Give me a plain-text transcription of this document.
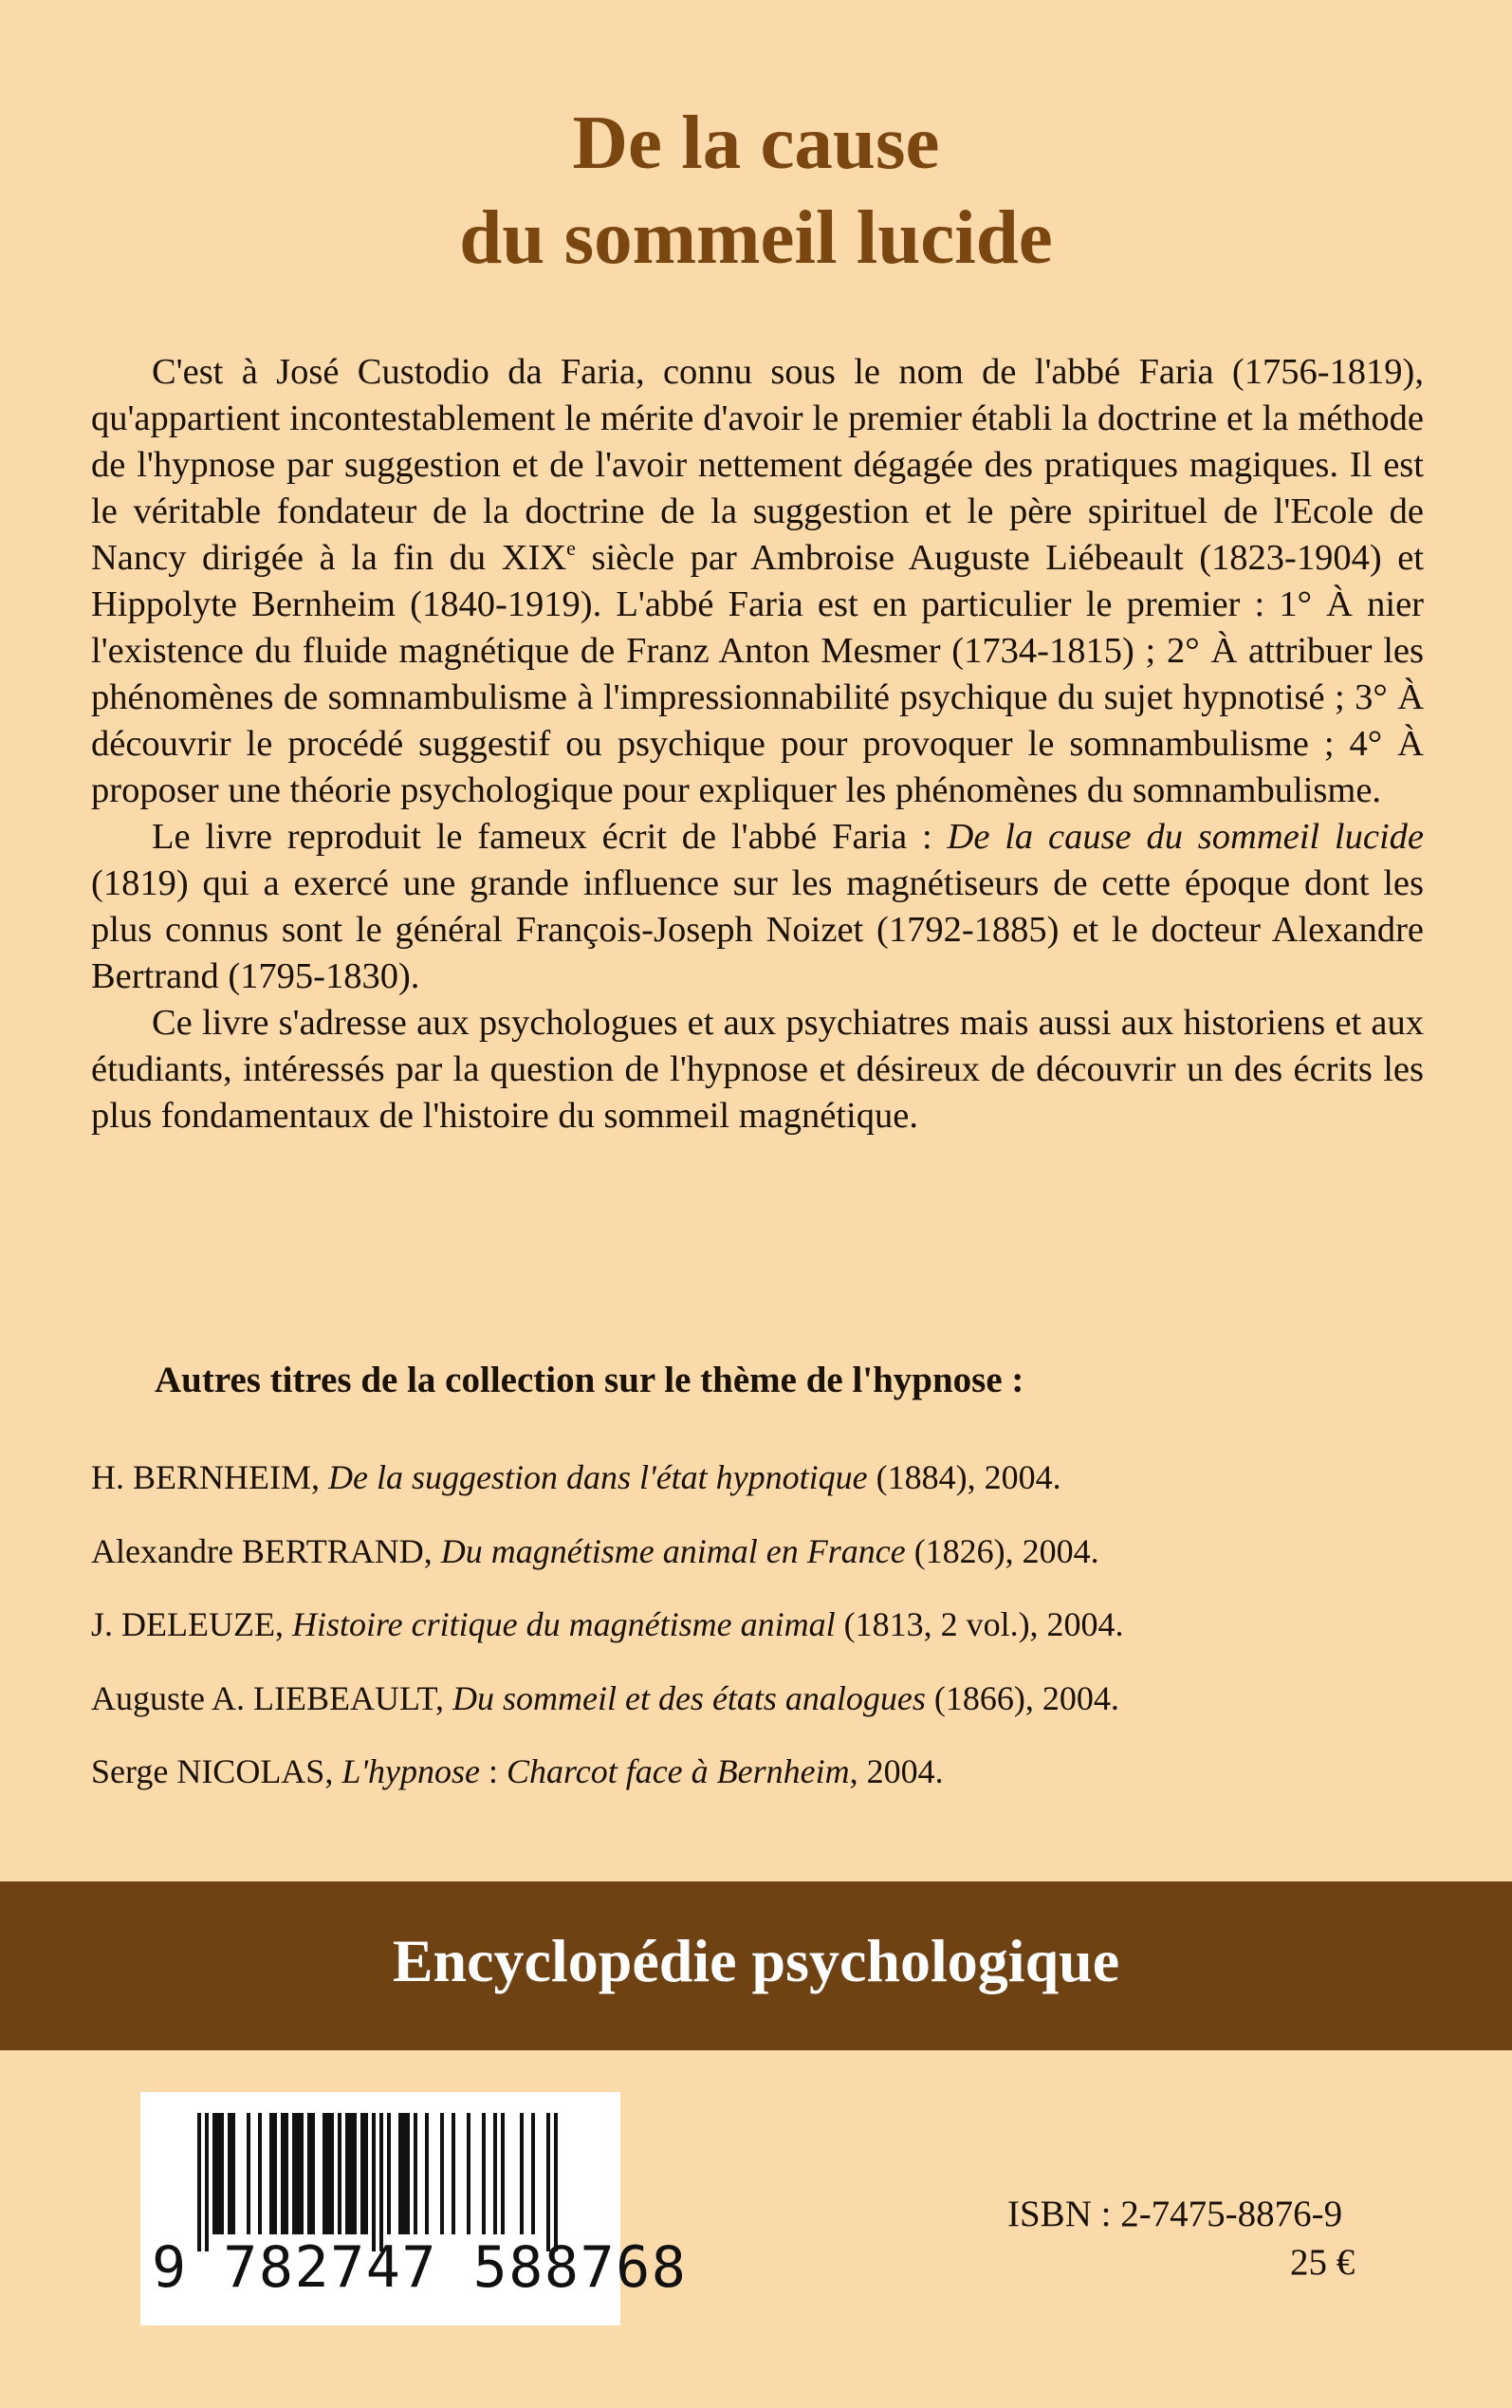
De la cause
du sommeil lucide

C'est à José Custodio da Faria, connu sous le nom de l'abbé Faria (1756-1819), qu'appartient incontestablement le mérite d'avoir le premier établi la doctrine et la méthode de l'hypnose par suggestion et de l'avoir nettement dégagée des pratiques magiques. Il est le véritable fondateur de la doctrine de la suggestion et le père spirituel de l'Ecole de Nancy dirigée à la fin du XIXe siècle par Ambroise Auguste Liébeault (1823-1904) et Hippolyte Bernheim (1840-1919). L'abbé Faria est en particulier le premier : 1° À nier l'existence du fluide magnétique de Franz Anton Mesmer (1734-1815) ; 2° À attribuer les phénomènes de somnambulisme à l'impressionnabilité psychique du sujet hypnotisé ; 3° À découvrir le procédé suggestif ou psychique pour provoquer le somnambulisme ; 4° À proposer une théorie psychologique pour expliquer les phénomènes du somnambulisme.

Le livre reproduit le fameux écrit de l'abbé Faria : De la cause du sommeil lucide (1819) qui a exercé une grande influence sur les magnétiseurs de cette époque dont les plus connus sont le général François-Joseph Noizet (1792-1885) et le docteur Alexandre Bertrand (1795-1830).

Ce livre s'adresse aux psychologues et aux psychiatres mais aussi aux historiens et aux étudiants, intéressés par la question de l'hypnose et désireux de découvrir un des écrits les plus fondamentaux de l'histoire du sommeil magnétique.

Autres titres de la collection sur le thème de l'hypnose :

H. BERNHEIM, De la suggestion dans l'état hypnotique (1884), 2004.

Alexandre BERTRAND, Du magnétisme animal en France (1826), 2004.

J. DELEUZE, Histoire critique du magnétisme animal (1813, 2 vol.), 2004.

Auguste A. LIEBEAULT, Du sommeil et des états analogues (1866), 2004.

Serge NICOLAS, L'hypnose : Charcot face à Bernheim, 2004.

Encyclopédie psychologique

9 782747 588768

ISBN : 2-7475-8876-9

25 €
